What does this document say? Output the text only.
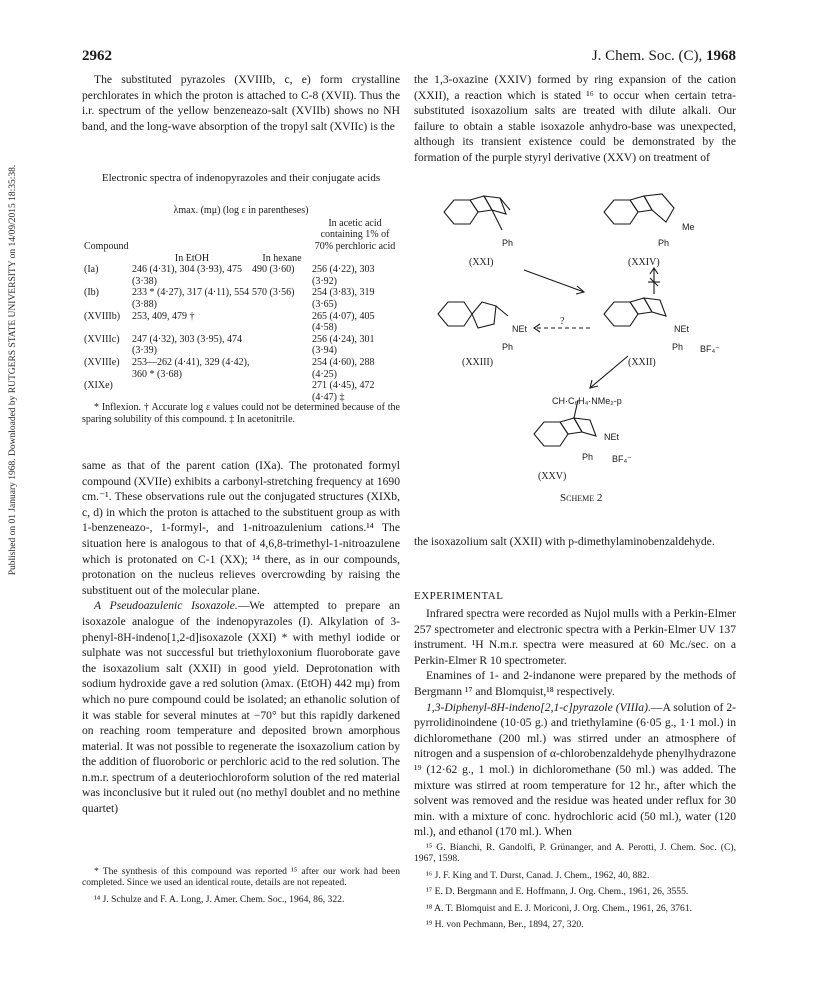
Published on 01 January 1968. Downloaded by RUTGERS STATE UNIVERSITY on 14/09/2015 18:35:38.
2962	J. Chem. Soc. (C), 1968

The substituted pyrazoles (XVIIIb, c, e) form crystalline perchlorates in which the proton is attached to C-8 (XVII). Thus the i.r. spectrum of the yellow benzeneazo-salt (XVIIb) shows no NH band, and the long-wave absorption of the tropyl salt (XVIIc) is the

Electronic spectra of indenopyrazoles and their conjugate acids
λmax. (mμ) (log ε in parentheses)
Compound	In EtOH	In hexane	In acetic acid containing 1% of 70% perchloric acid
(Ia)	246 (4·31), 304 (3·93), 475 (3·38)	490 (3·60)	256 (4·22), 303 (3·92)
(Ib)	233 * (4·27), 317 (4·11), 554 (3·88)	570 (3·56)	254 (3·83), 319 (3·65)
(XVIIIb)	253, 409, 479 †		265 (4·07), 405 (4·58)
(XVIIIc)	247 (4·32), 303 (3·95), 474 (3·39)		256 (4·24), 301 (3·94)
(XVIIIe)	253—262 (4·41), 329 (4·42), 360 * (3·68)		254 (4·60), 288 (4·25)
(XIXe)			271 (4·45), 472 (4·47) ‡

* Inflexion. † Accurate log ε values could not be determined because of the sparing solubility of this compound. ‡ In acetonitrile.

same as that of the parent cation (IXa). The protonated formyl compound (XVIIe) exhibits a carbonyl-stretching frequency at 1690 cm.⁻¹. These observations rule out the conjugated structures (XIXb, c, d) in which the proton is attached to the substituent group as with 1-benzeneazo-, 1-formyl-, and 1-nitroazulenium cations.¹⁴ The situation here is analogous to that of 4,6,8-trimethyl-1-nitroazulene which is protonated on C-1 (XX); ¹⁴ there, as in our compounds, protonation on the nucleus relieves overcrowding by raising the substituent out of the molecular plane.

A Pseudoazulenic Isoxazole.—We attempted to prepare an isoxazole analogue of the indenopyrazoles (I). Alkylation of 3-phenyl-8H-indeno[1,2-d]isoxazole (XXI) * with methyl iodide or sulphate was not successful but triethyloxonium fluoroborate gave the isoxazolium salt (XXII) in good yield. Deprotonation with sodium hydroxide gave a red solution (λmax. (EtOH) 442 mμ) from which no pure compound could be isolated; an ethanolic solution of it was stable for several minutes at −70° but this rapidly darkened on reaching room temperature and deposited brown amorphous material. It was not possible to regenerate the isoxazolium cation by the addition of fluoroboric or perchloric acid to the red solution. The n.m.r. spectrum of a deuteriochloroform solution of the red material was inconclusive but it ruled out (no methyl doublet and no methine quartet)

* The synthesis of this compound was reported ¹⁵ after our work had been completed. Since we used an identical route, details are not repeated.

¹⁴ J. Schulze and F. A. Long, J. Amer. Chem. Soc., 1964, 86, 322.

the 1,3-oxazine (XXIV) formed by ring expansion of the cation (XXII), a reaction which is stated ¹⁶ to occur when certain tetra-substituted isoxazolium salts are treated with dilute alkali. Our failure to obtain a stable isoxazole anhydro-base was unexpected, although its transient existence could be demonstrated by the formation of the purple styryl derivative (XXV) on treatment of

(XXI)	(XXIV)
(XXIII)	(XXII)
(XXV)
Ph	Ph
Ph	Ph
Ph
NEt	NEt
NEt
Me
BF₄⁻
BF₄⁻
CH·C₆H₄·NMe₂-p
?
Scheme 2

the isoxazolium salt (XXII) with p-dimethylaminobenzaldehyde.

EXPERIMENTAL

Infrared spectra were recorded as Nujol mulls with a Perkin-Elmer 257 spectrometer and electronic spectra with a Perkin-Elmer UV 137 instrument. ¹H N.m.r. spectra were measured at 60 Mc./sec. on a Perkin-Elmer R 10 spectrometer.

Enamines of 1- and 2-indanone were prepared by the methods of Bergmann ¹⁷ and Blomquist,¹⁸ respectively.

1,3-Diphenyl-8H-indeno[2,1-c]pyrazole (VIIIa).—A solution of 2-pyrrolidinoindene (10·05 g.) and triethylamine (6·05 g., 1·1 mol.) in dichloromethane (200 ml.) was stirred under an atmosphere of nitrogen and a suspension of α-chlorobenzaldehyde phenylhydrazone ¹⁹ (12·62 g., 1 mol.) in dichloromethane (50 ml.) was added. The mixture was stirred at room temperature for 12 hr., after which the solvent was removed and the residue was heated under reflux for 30 min. with a mixture of conc. hydrochloric acid (50 ml.), water (120 ml.), and ethanol (170 ml.). When

¹⁵ G. Bianchi, R. Gandolfi, P. Grünanger, and A. Perotti, J. Chem. Soc. (C), 1967, 1598.

¹⁶ J. F. King and T. Durst, Canad. J. Chem., 1962, 40, 882.

¹⁷ E. D. Bergmann and E. Hoffmann, J. Org. Chem., 1961, 26, 3555.

¹⁸ A. T. Blomquist and E. J. Moriconi, J. Org. Chem., 1961, 26, 3761.

¹⁹ H. von Pechmann, Ber., 1894, 27, 320.
